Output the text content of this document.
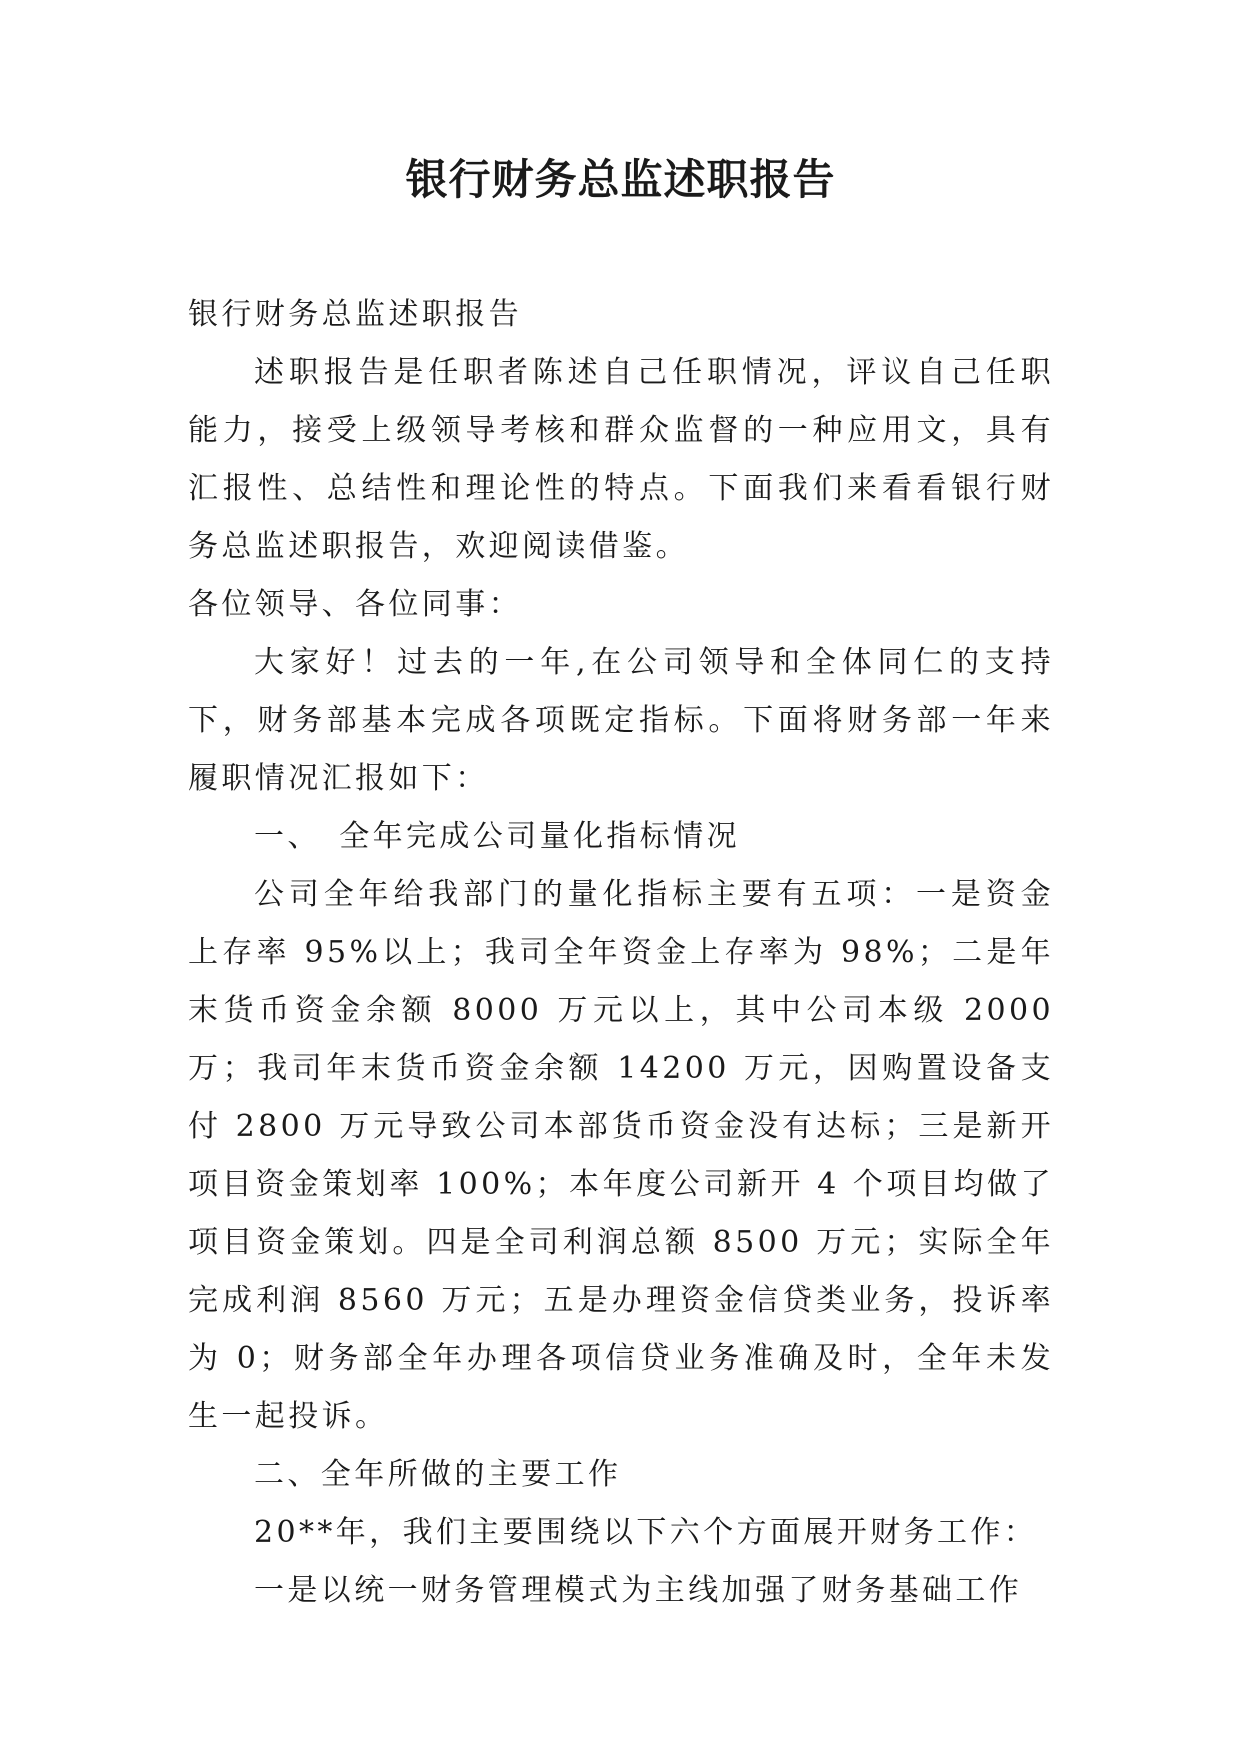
银行财务总监述职报告

银行财务总监述职报告

述职报告是任职者陈述自己任职情况，评议自己任职能力，接受上级领导考核和群众监督的一种应用文，具有汇报性、总结性和理论性的特点。下面我们来看看银行财务总监述职报告，欢迎阅读借鉴。

各位领导、各位同事：

大家好！过去的一年,在公司领导和全体同仁的支持下，财务部基本完成各项既定指标。下面将财务部一年来履职情况汇报如下：

一、　全年完成公司量化指标情况

公司全年给我部门的量化指标主要有五项：一是资金上存率 95%以上；我司全年资金上存率为 98%；二是年末货币资金余额 8000 万元以上，其中公司本级 2000 万；我司年末货币资金余额 14200 万元，因购置设备支付 2800 万元导致公司本部货币资金没有达标；三是新开项目资金策划率 100%；本年度公司新开 4 个项目均做了项目资金策划。四是全司利润总额 8500 万元；实际全年完成利润 8560 万元；五是办理资金信贷类业务，投诉率为 0；财务部全年办理各项信贷业务准确及时，全年未发生一起投诉。

二、全年所做的主要工作

20**年，我们主要围绕以下六个方面展开财务工作：

一是以统一财务管理模式为主线加强了财务基础工作
